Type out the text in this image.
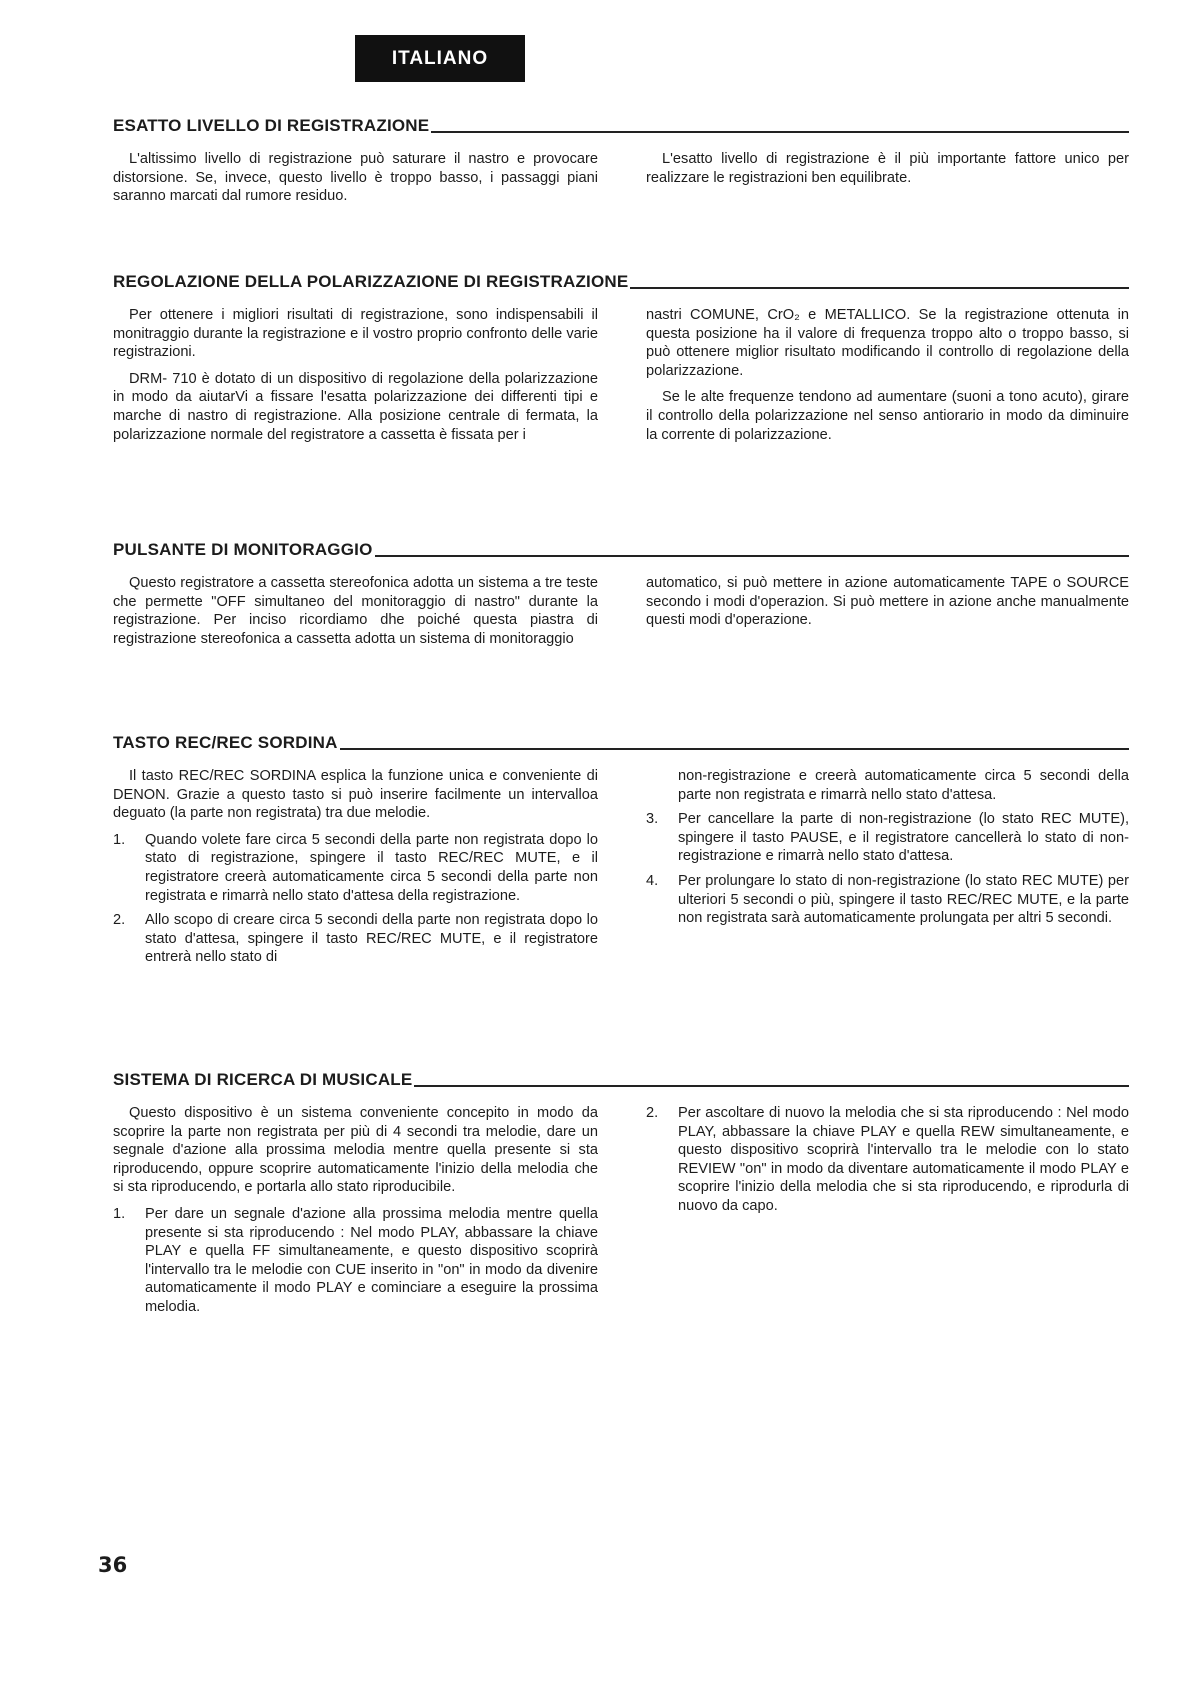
ITALIANO
ESATTO LIVELLO DI REGISTRAZIONE

L'altissimo livello di registrazione può saturare il nastro e provocare distorsione. Se, invece, questo livello è troppo basso, i passaggi piani saranno marcati dal rumore residuo.

L'esatto livello di registrazione è il più importante fattore unico per realizzare le registrazioni ben equilibrate.

REGOLAZIONE DELLA POLARIZZAZIONE DI REGISTRAZIONE

Per ottenere i migliori risultati di registrazione, sono indispensabili il monitraggio durante la registrazione e il vostro proprio confronto delle varie registrazioni.

DRM- 710 è dotato di un dispositivo di regolazione della polarizzazione in modo da aiutarVi a fissare l'esatta polarizzazione dei differenti tipi e marche di nastro di registrazione. Alla posizione centrale di fermata, la polarizzazione normale del registratore a cassetta è fissata per i

nastri COMUNE, CrO₂ e METALLICO. Se la registrazione ottenuta in questa posizione ha il valore di frequenza troppo alto o troppo basso, si può ottenere miglior risultato modificando il controllo di regolazione della polarizzazione.

Se le alte frequenze tendono ad aumentare (suoni a tono acuto), girare il controllo della polarizzazione nel senso antiorario in modo da diminuire la corrente di polarizzazione.

PULSANTE DI MONITORAGGIO

Questo registratore a cassetta stereofonica adotta un sistema a tre teste che permette "OFF simultaneo del monitoraggio di nastro" durante la registrazione. Per inciso ricordiamo dhe poiché questa piastra di registrazione stereofonica a cassetta adotta un sistema di monitoraggio

automatico, si può mettere in azione automaticamente TAPE o SOURCE secondo i modi d'operazion. Si può mettere in azione anche manualmente questi modi d'operazione.

TASTO REC/REC SORDINA

Il tasto REC/REC SORDINA esplica la funzione unica e conveniente di DENON. Grazie a questo tasto si può inserire facilmente un intervalloa deguato (la parte non registrata) tra due melodie.

1.	Quando volete fare circa 5 secondi della parte non registrata dopo lo stato di registrazione, spingere il tasto REC/REC MUTE, e il registratore creerà automaticamente circa 5 secondi della parte non registrata e rimarrà nello stato d'attesa della registrazione.
2.	Allo scopo di creare circa 5 secondi della parte non registrata dopo lo stato d'attesa, spingere il tasto REC/REC MUTE, e il registratore entrerà nello stato di
non-registrazione e creerà automaticamente circa 5 secondi della parte non registrata e rimarrà nello stato d'attesa.
3.	Per cancellare la parte di non-registrazione (lo stato REC MUTE), spingere il tasto PAUSE, e il registratore cancellerà lo stato di non-registrazione e rimarrà nello stato d'attesa.
4.	Per prolungare lo stato di non-registrazione (lo stato REC MUTE) per ulteriori 5 secondi o più, spingere il tasto REC/REC MUTE, e la parte non registrata sarà automaticamente prolungata per altri 5 secondi.
SISTEMA DI RICERCA DI MUSICALE

Questo dispositivo è un sistema conveniente concepito in modo da scoprire la parte non registrata per più di 4 secondi tra melodie, dare un segnale d'azione alla prossima melodia mentre quella presente si sta riproducendo, oppure scoprire automaticamente l'inizio della melodia che si sta riproducendo, e portarla allo stato riproducibile.

1.	Per dare un segnale d'azione alla prossima melodia mentre quella presente si sta riproducendo : Nel modo PLAY, abbassare la chiave PLAY e quella FF simultaneamente, e questo dispositivo scoprirà l'intervallo tra le melodie con CUE inserito in "on" in modo da divenire automaticamente il modo PLAY e cominciare a eseguire la prossima melodia.
2.	Per ascoltare di nuovo la melodia che si sta riproducendo : Nel modo PLAY, abbassare la chiave PLAY e quella REW simultaneamente, e questo dispositivo scoprirà l'intervallo tra le melodie con lo stato REVIEW "on" in modo da diventare automaticamente il modo PLAY e scoprire l'inizio della melodia che si sta riproducendo, e riprodurla di nuovo da capo.
36
